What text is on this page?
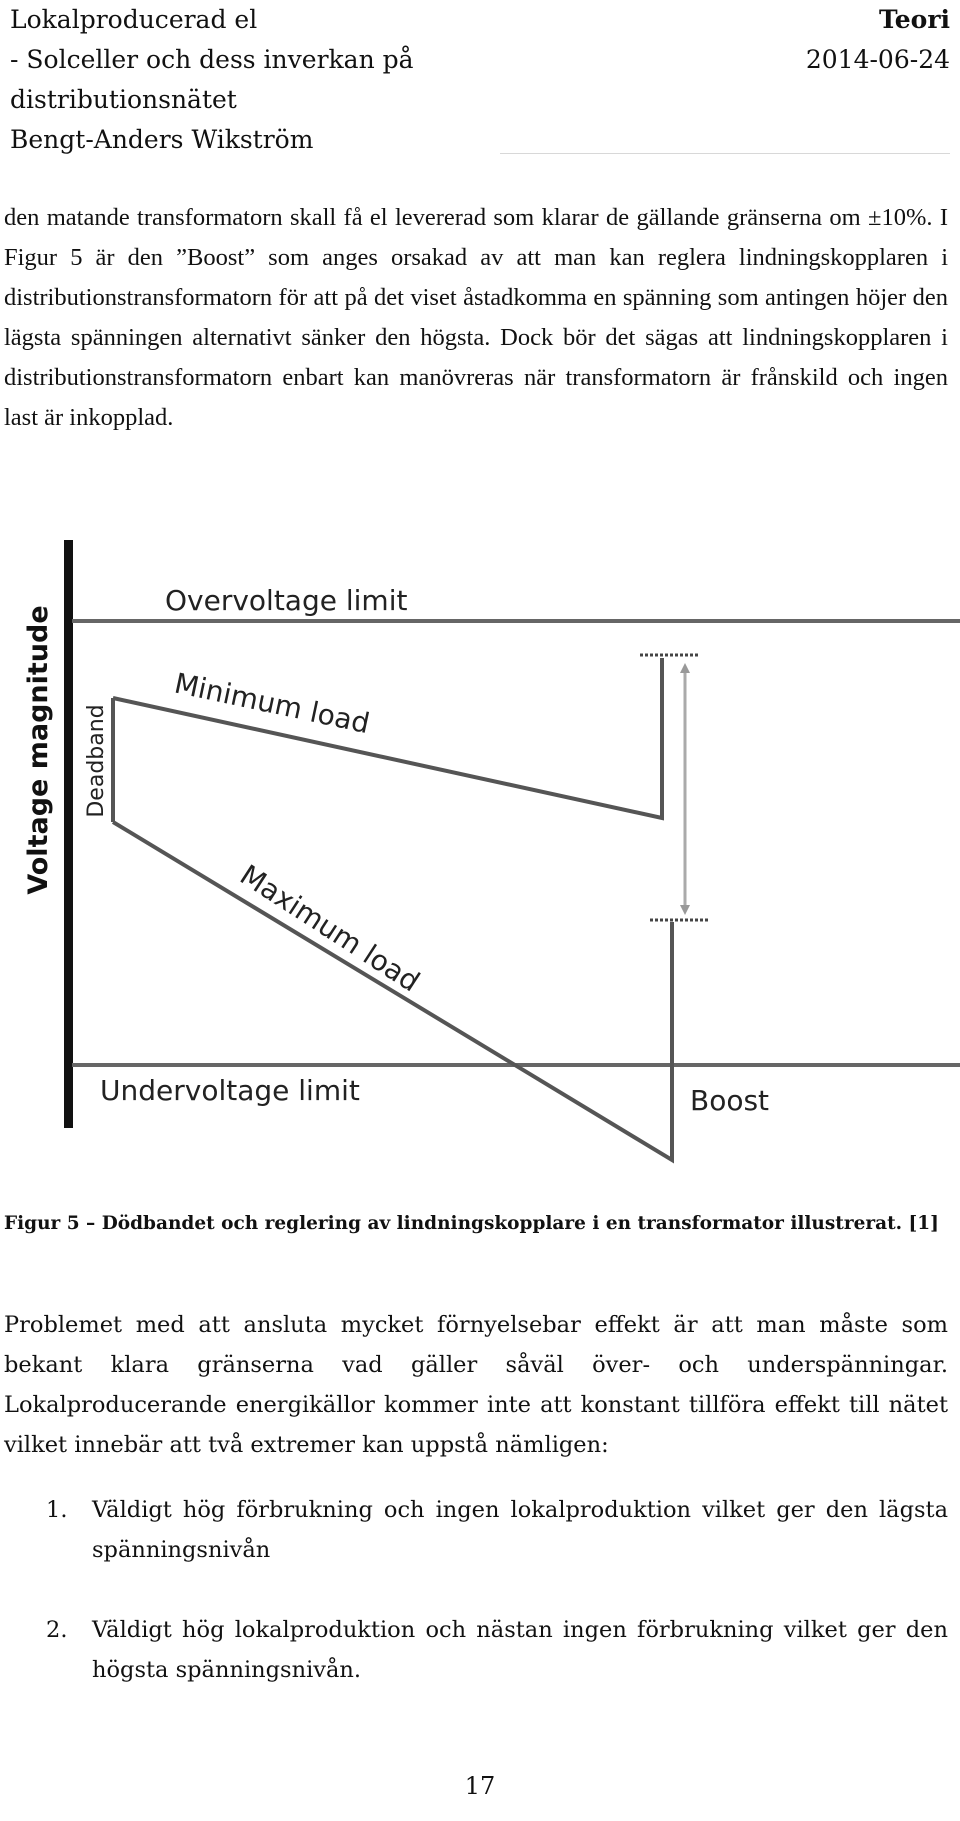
Lokalproducerad el
- Solceller och dess inverkan på
distributionsnätet
Bengt-Anders Wikström
Teori
2014-06-24

den matande transformatorn skall få el levererad som klarar de gällande gränserna om ±10%. I Figur 5 är den ”Boost” som anges orsakad av att man kan reglera lindningskopplaren i distributionstransformatorn för att på det viset åstadkomma en spänning som antingen höjer den lägsta spänningen alternativt sänker den högsta. Dock bör det sägas att lindningskopplaren i distributionstransformatorn enbart kan manövreras när transformatorn är frånskild och ingen last är inkopplad.

Voltage magnitude
Overvoltage limit
Undervoltage limit
Minimum load
Maximum load
Deadband
Boost

Figur 5 – Dödbandet och reglering av lindningskopplare i en transformator illustrerat. [1]

Problemet med att ansluta mycket förnyelsebar effekt är att man måste som bekant klara gränserna vad gäller såväl över- och underspänningar. Lokalproducerande energikällor kommer inte att konstant tillföra effekt till nätet vilket innebär att två extremer kan uppstå nämligen:

1. Väldigt hög förbrukning och ingen lokalproduktion vilket ger den lägsta spänningsnivån
2. Väldigt hög lokalproduktion och nästan ingen förbrukning vilket ger den högsta spänningsnivån.
17
